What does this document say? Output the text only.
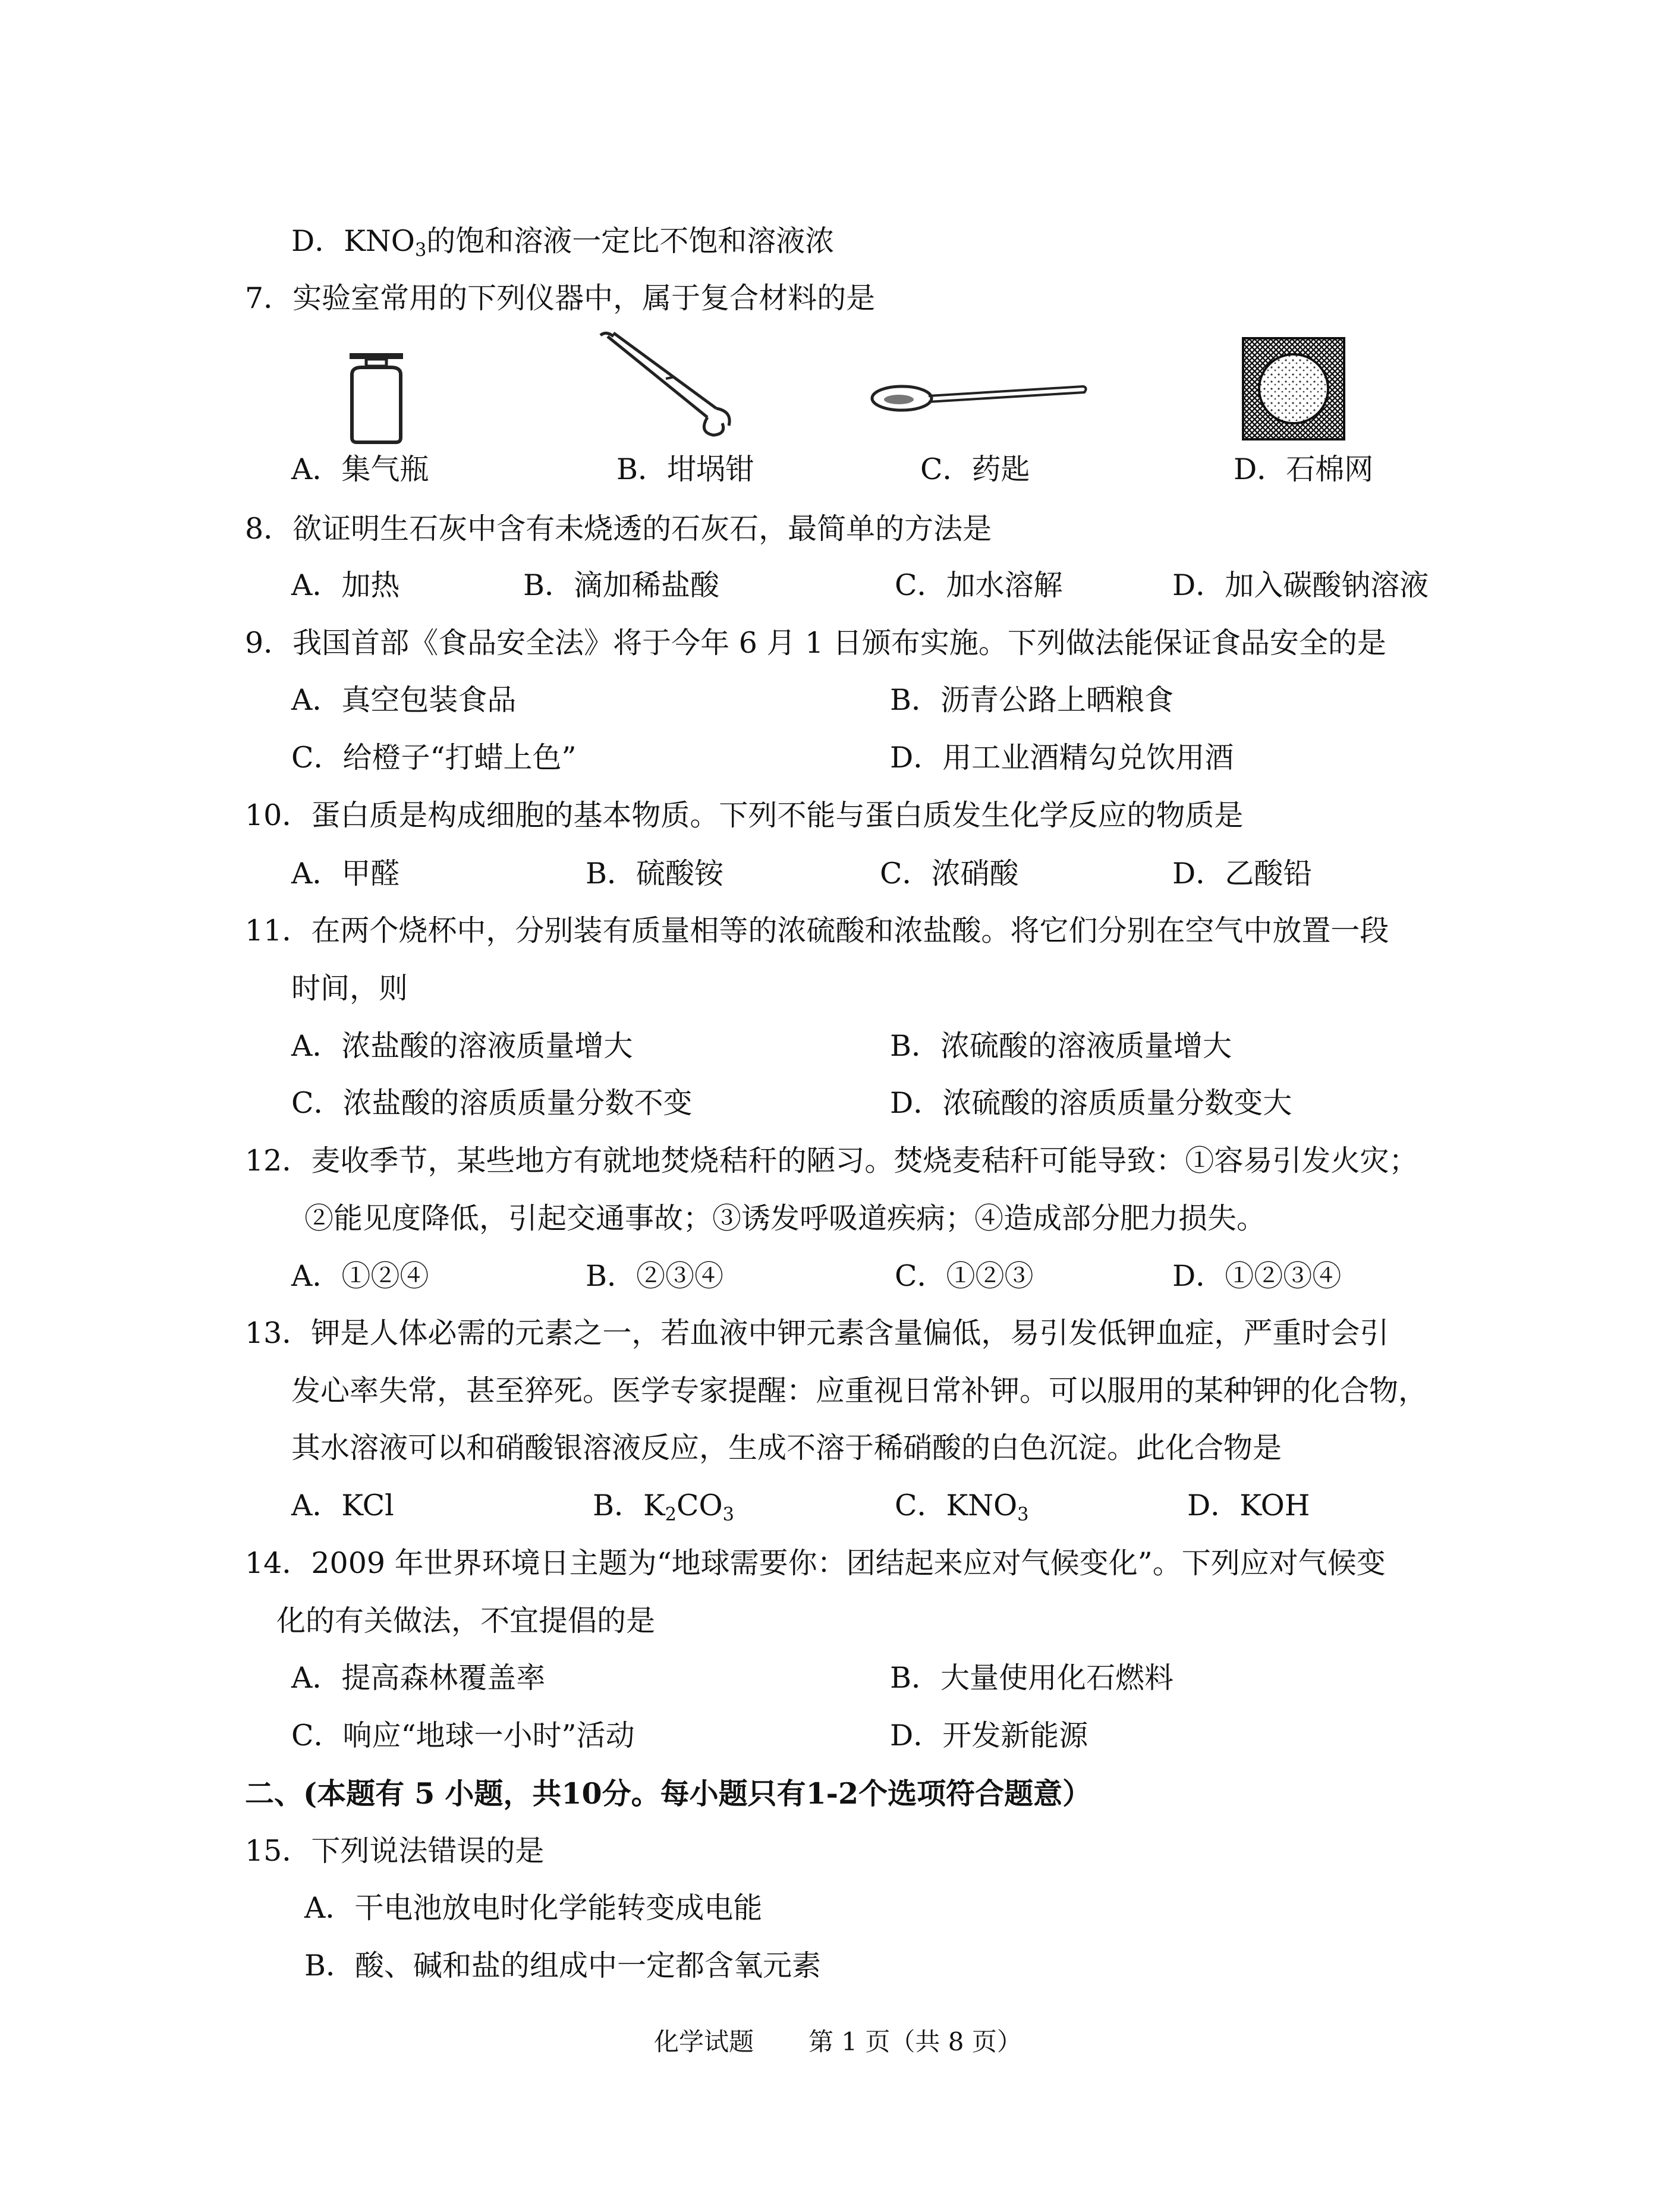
D．$KNO_3$的饱和溶液一定比不饱和溶液浓
7．实验室常用的下列仪器中，属于复合材料的是
A．集气瓶	B．坩埚钳	C．药匙	D．石棉网
8．欲证明生石灰中含有未烧透的石灰石，最简单的方法是
A．加热	B．滴加稀盐酸	C．加水溶解	D．加入碳酸钠溶液
9．我国首部《食品安全法》将于今年 6 月 1 日颁布实施。下列做法能保证食品安全的是
A．真空包装食品	B．沥青公路上晒粮食
C．给橙子“打蜡上色”	D．用工业酒精勾兑饮用酒
10．蛋白质是构成细胞的基本物质。下列不能与蛋白质发生化学反应的物质是
A．甲醛	B．硫酸铵	C．浓硝酸	D．乙酸铅
11．在两个烧杯中，分别装有质量相等的浓硫酸和浓盐酸。将它们分别在空气中放置一段
时间，则
A．浓盐酸的溶液质量增大	B．浓硫酸的溶液质量增大
C．浓盐酸的溶质质量分数不变	D．浓硫酸的溶质质量分数变大
12．麦收季节，某些地方有就地焚烧秸秆的陋习。焚烧麦秸秆可能导致：①容易引发火灾；
②能见度降低，引起交通事故；③诱发呼吸道疾病；④造成部分肥力损失。
A．①②④	B．②③④	C．①②③	D．①②③④
13．钾是人体必需的元素之一，若血液中钾元素含量偏低，易引发低钾血症，严重时会引
发心率失常，甚至猝死。医学专家提醒：应重视日常补钾。可以服用的某种钾的化合物，
其水溶液可以和硝酸银溶液反应，生成不溶于稀硝酸的白色沉淀。此化合物是
A．KCl	B．$K_2CO_3$	C．$KNO_3$	D．KOH
14．2009 年世界环境日主题为“地球需要你：团结起来应对气候变化”。下列应对气候变
化的有关做法，不宜提倡的是
A．提高森林覆盖率	B．大量使用化石燃料
C．响应“地球一小时”活动	D．开发新能源
二、(本题有 5 小题，共10分。每小题只有1-2个选项符合题意）
15．下列说法错误的是
A．干电池放电时化学能转变成电能
B．酸、碱和盐的组成中一定都含氧元素
化学试题 第 1 页（共 8 页）
